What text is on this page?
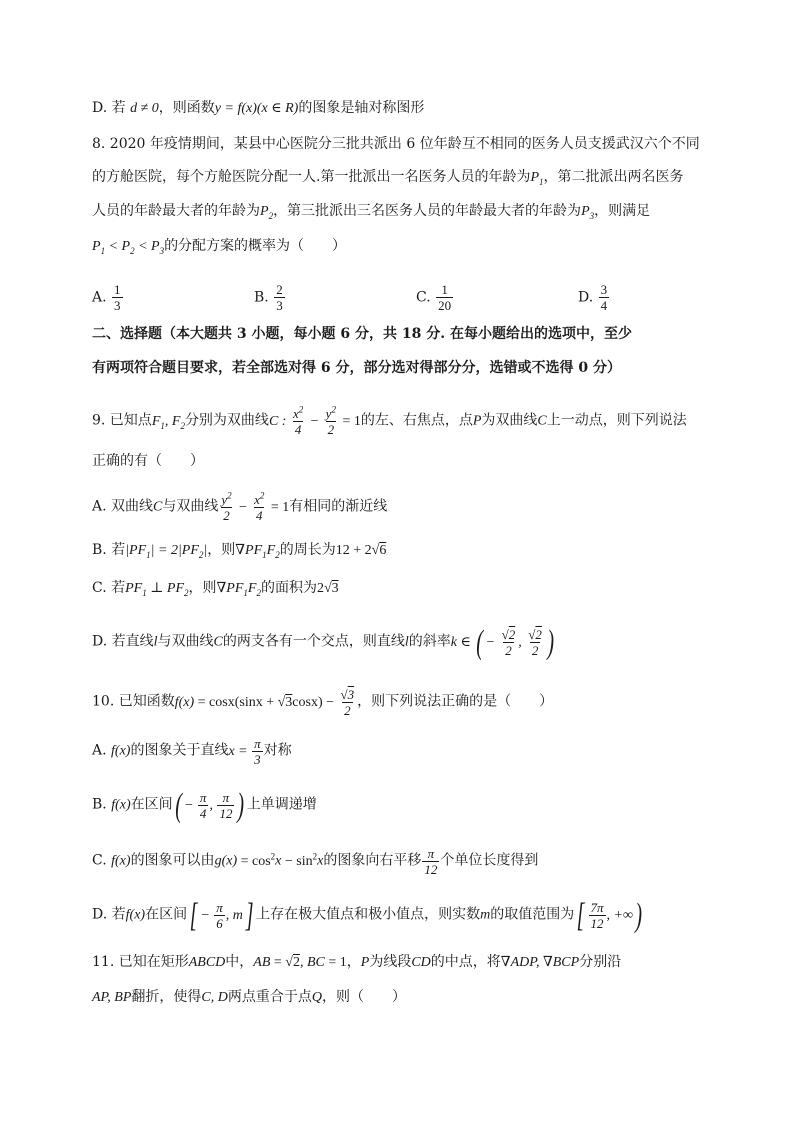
D. 若 d ≠ 0，则函数y = f(x)(x ∈ R)的图象是轴对称图形
8. 2020 年疫情期间，某县中心医院分三批共派出 6 位年龄互不相同的医务人员支援武汉六个不同
的方舱医院，每个方舱医院分配一人.第一批派出一名医务人员的年龄为$P_1$，第二批派出两名医务
人员的年龄最大者的年龄为$P_2$，第三批派出三名医务人员的年龄最大者的年龄为$P_3$，则满足
$P_1 < P_2 < P_3$的分配方案的概率为（　　）
A. $\frac{1}{3}$	B. $\frac{2}{3}$	C. $\frac{1}{20}$	D. $\frac{3}{4}$
二、选择题（本大题共 3 小题，每小题 6 分，共 18 分. 在每小题给出的选项中，至少
有两项符合题目要求，若全部选对得 6 分，部分选对得部分分，选错或不选得 0 分）
9. 已知点$F_1$, $F_2$分别为双曲线C : $\frac{x^2}{4} - \frac{y^2}{2} = 1$的左、右焦点，点P为双曲线C上一动点，则下列说法
正确的有（　　）
A. 双曲线C与双曲线 $\frac{y^2}{2} - \frac{x^2}{4} = 1$有相同的渐近线
B. 若$|PF_1| = 2|PF_2|$，则$\nabla PF_1F_2$的周长为12 + 2√6
C. 若$PF_1$ ⊥ $PF_2$，则$\nabla PF_1F_2$的面积为2√3
D. 若直线l与双曲线C的两支各有一个交点，则直线l的斜率k ∈ ( − $\frac{√2}{2}$ , $\frac{√2}{2}$ )
10. 已知函数$f(x) = \cos x(\sin x + √3\cos x) - \frac{√3}{2}$ ，则下列说法正确的是（　　）
A. f(x)的图象关于直线$x = \frac{\pi}{3}$ 对称
B. f(x)在区间( − $\frac{\pi}{4}$ , $\frac{\pi}{12}$ ) 上单调递增
C. f(x)的图象可以由$g(x) = \cos^2x - \sin^2x$的图象向右平移 $\frac{\pi}{12}$ 个单位长度得到
D. 若f(x)在区间[ − $\frac{\pi}{6}$ , m] 上存在极大值点和极小值点，则实数m的取值范围为[ $\frac{7\pi}{12}$ , +∞)
11. 已知在矩形ABCD中，AB = √2, BC = 1，P为线段CD的中点，将∇ADP, ∇BCP分别沿
AP, BP翻折，使得C, D两点重合于点Q，则（　　）
